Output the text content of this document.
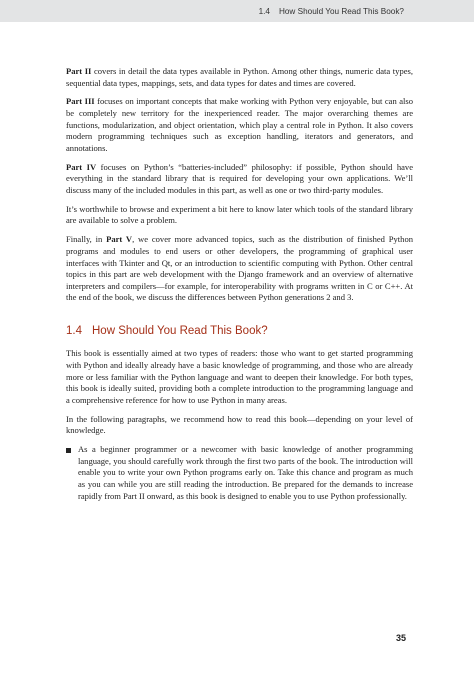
1.4 How Should You Read This Book?

Part II covers in detail the data types available in Python. Among other things, numeric data types, sequential data types, mappings, sets, and data types for dates and times are covered.

Part III focuses on important concepts that make working with Python very enjoyable, but can also be completely new territory for the inexperienced reader. The major overarching themes are functions, modularization, and object orientation, which play a central role in Python. It also covers modern programming techniques such as exception handling, iterators and generators, and annotations.

Part IV focuses on Python’s “batteries-included” philosophy: if possible, Python should have everything in the standard library that is required for developing your own applications. We’ll discuss many of the included modules in this part, as well as one or two third-party modules.

It’s worthwhile to browse and experiment a bit here to know later which tools of the standard library are available to solve a problem.

Finally, in Part V, we cover more advanced topics, such as the distribution of finished Python programs and modules to end users or other developers, the programming of graphical user interfaces with Tkinter and Qt, or an introduction to scientific computing with Python. Other central topics in this part are web development with the Django framework and an overview of alternative interpreters and compilers—for example, for interoperability with programs written in C or C++. At the end of the book, we discuss the differences between Python generations 2 and 3.

1.4 How Should You Read This Book?

This book is essentially aimed at two types of readers: those who want to get started programming with Python and ideally already have a basic knowledge of programming, and those who are already more or less familiar with the Python language and want to deepen their knowledge. For both types, this book is ideally suited, providing both a complete introduction to the programming language and a comprehensive reference for how to use Python in many areas.

In the following paragraphs, we recommend how to read this book—depending on your level of knowledge.

As a beginner programmer or a newcomer with basic knowledge of another programming language, you should carefully work through the first two parts of the book. The introduction will enable you to write your own Python programs early on. Take this chance and program as much as you can while you are still reading the introduction. Be prepared for the demands to increase rapidly from Part II onward, as this book is designed to enable you to use Python professionally.
35
